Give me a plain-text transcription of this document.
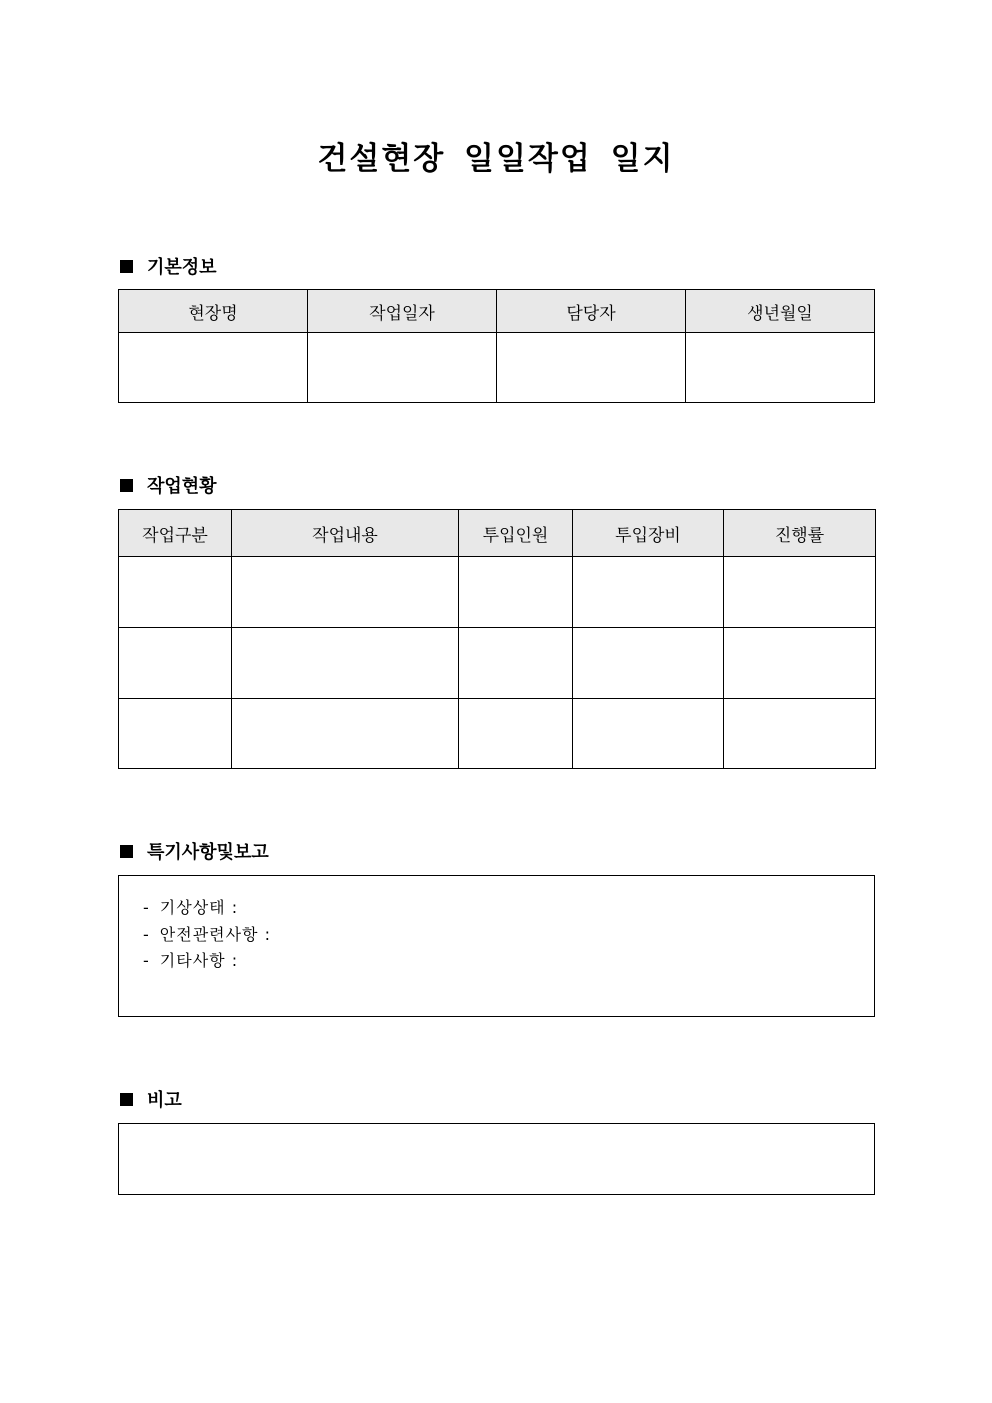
건설현장 일일작업 일지
기본정보
현장명	작업일자	담당자	생년월일

작업현황
작업구분	작업내용	투입인원	투입장비	진행률

특기사항및보고
- 기상상태 :
- 안전관련사항 :
- 기타사항 :
비고
